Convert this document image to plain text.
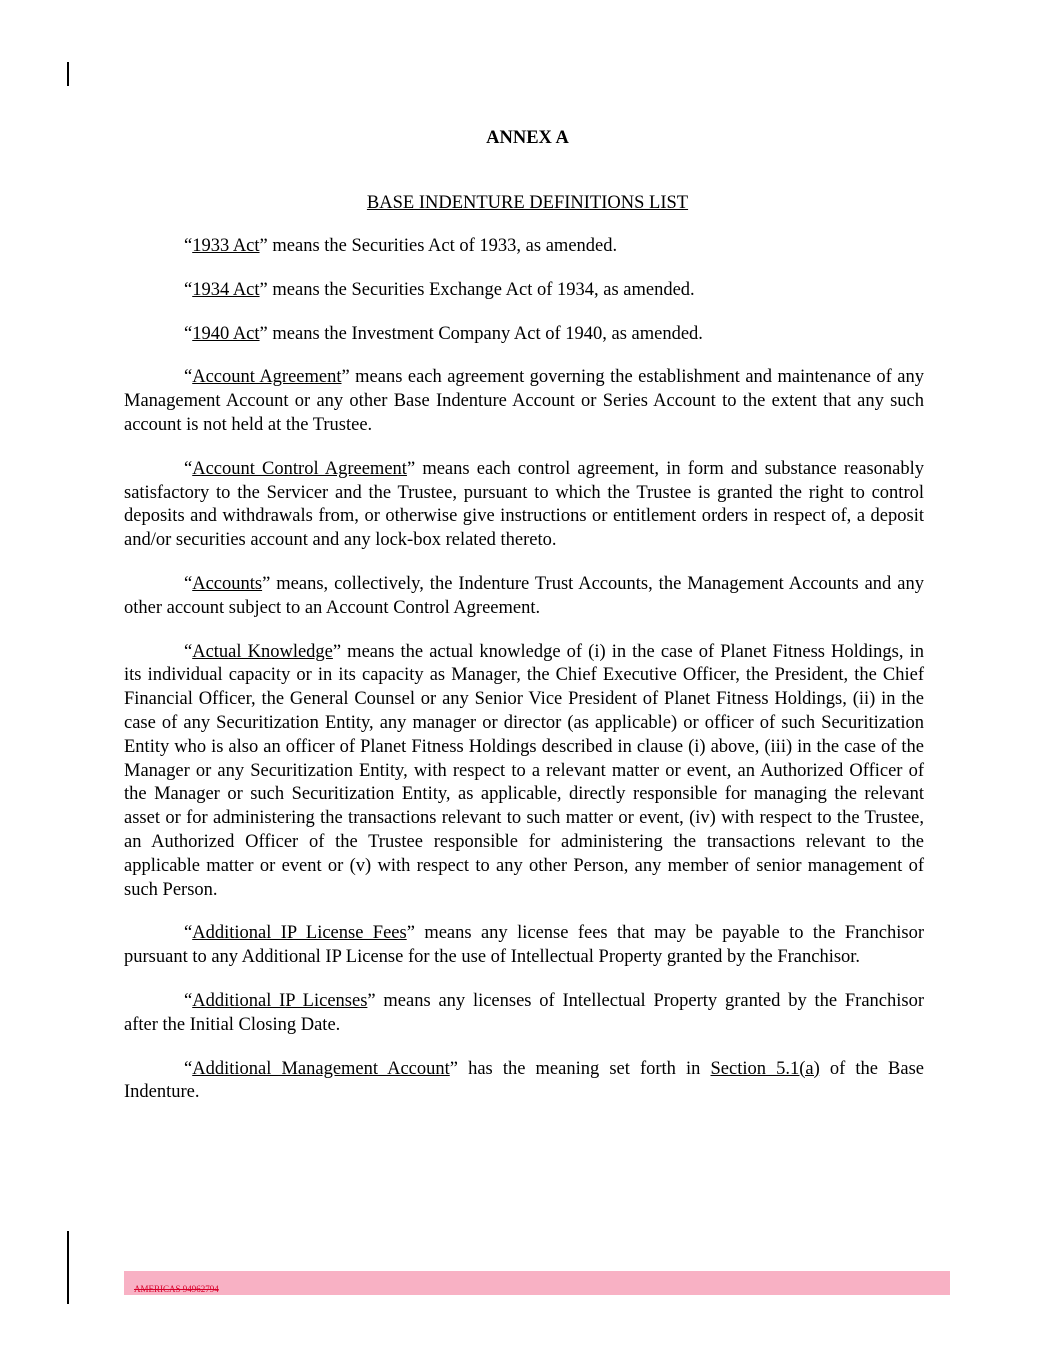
ANNEX A
BASE INDENTURE DEFINITIONS LIST

“1933 Act” means the Securities Act of 1933, as amended.

“1934 Act” means the Securities Exchange Act of 1934, as amended.

“1940 Act” means the Investment Company Act of 1940, as amended.

“Account Agreement” means each agreement governing the establishment and maintenance of any Management Account or any other Base Indenture Account or Series Account to the extent that any such account is not held at the Trustee.

“Account Control Agreement” means each control agreement, in form and substance reasonably satisfactory to the Servicer and the Trustee, pursuant to which the Trustee is granted the right to control deposits and withdrawals from, or otherwise give instructions or entitlement orders in respect of, a deposit and/or securities account and any lock-box related thereto.

“Accounts” means, collectively, the Indenture Trust Accounts, the Management Accounts and any other account subject to an Account Control Agreement.

“Actual Knowledge” means the actual knowledge of (i) in the case of Planet Fitness Holdings, in its individual capacity or in its capacity as Manager, the Chief Executive Officer, the President, the Chief Financial Officer, the General Counsel or any Senior Vice President of Planet Fitness Holdings, (ii) in the case of any Securitization Entity, any manager or director (as applicable) or officer of such Securitization Entity who is also an officer of Planet Fitness Holdings described in clause (i) above, (iii) in the case of the Manager or any Securitization Entity, with respect to a relevant matter or event, an Authorized Officer of the Manager or such Securitization Entity, as applicable, directly responsible for managing the relevant asset or for administering the transactions relevant to such matter or event, (iv) with respect to the Trustee, an Authorized Officer of the Trustee responsible for administering the transactions relevant to the applicable matter or event or (v) with respect to any other Person, any member of senior management of such Person.

“Additional IP License Fees” means any license fees that may be payable to the Franchisor pursuant to any Additional IP License for the use of Intellectual Property granted by the Franchisor.

“Additional IP Licenses” means any licenses of Intellectual Property granted by the Franchisor after the Initial Closing Date.

“Additional Management Account” has the meaning set forth in Section 5.1(a) of the Base Indenture.

AMERICAS 94962794
